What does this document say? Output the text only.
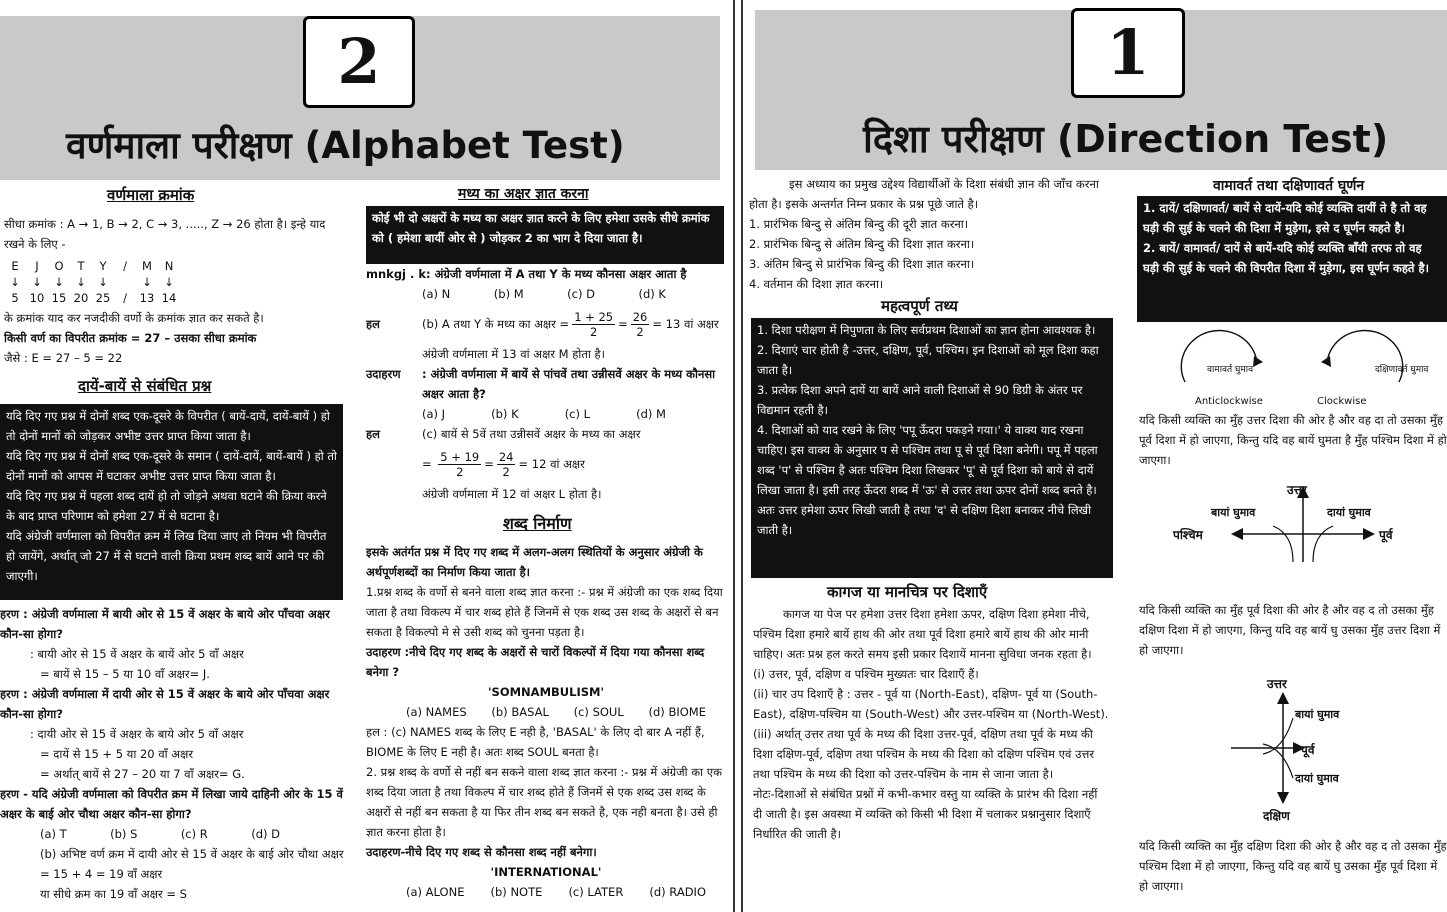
2
वर्णमाला परीक्षण (Alphabet Test)
वर्णमाला क्रमांक

सीधा क्रमांक : A → 1, B → 2, C → 3, ....., Z → 26 होता है। इन्हे याद रखने के लिए -

E	J	O	T	Y	/	M	N
↓	↓	↓	↓	↓	↓	↓
5 10 15 20 25	/	13 14

के क्रमांक याद कर नजदीकी वर्णो के क्रमांक ज्ञात कर सकते है।

किसी वर्ण का विपरीत क्रमांक = 27 – उसका सीधा क्रमांक

जैसे : E = 27 – 5 = 22

दायें-बायें से संबंधित प्रश्न

यदि दिए गए प्रश्न में दोनों शब्द एक-दूसरे के विपरीत ( बायें-दायें, दायें-बायें ) हो तो दोनों मानों को जोड़कर अभीष्ट उत्तर प्राप्त किया जाता है।

यदि दिए गए प्रश्न में दोनों शब्द एक-दूसरे के समान ( दायें-दायें, बायें-बायें ) हो तो दोनों मानों को आपस में घटाकर अभीष्ट उत्तर प्राप्त किया जाता है।

यदि दिए गए प्रश्न में पहला शब्द दायें हो तो जोड़ने अथवा घटाने की क्रिया करने के बाद प्राप्त परिणाम को हमेशा 27 में से घटाना है।

यदि अंग्रेजी वर्णमाला को विपरीत क्रम में लिख दिया जाए तो नियम भी विपरीत हो जायेंगे, अर्थात् जो 27 में से घटाने वाली क्रिया प्रथम शब्द बायें आने पर की जाएगी।

हरण : अंग्रेजी वर्णमाला में बायी ओर से 15 वें अक्षर के बाये ओर पाँचवा अक्षर कौन-सा होगा?

: बायी ओर से 15 वें अक्षर के बायें ओर 5 वाँ अक्षर

= बायें से 15 – 5 या 10 वाँ अक्षर= J.

हरण : अंग्रेजी वर्णमाला में दायी ओर से 15 वें अक्षर के बाये ओर पाँचवा अक्षर कौन-सा होगा?

: दायी ओर से 15 वें अक्षर के बाये ओर 5 वाँ अक्षर

= दायें से 15 + 5 या 20 वाँ अक्षर

= अर्थात् बायें से 27 – 20 या 7 वाँ अक्षर= G.

हरण - यदि अंग्रेजी वर्णमाला को विपरीत क्रम में लिखा जाये दाहिनी ओर के 15 वें अक्षर के बाई ओर चौथा अक्षर कौन-सा होगा?

(a) T	(b) S	(c) R	(d) D

(b) अभिष्ट वर्ण क्रम में दायी ओर से 15 वें अक्षर के बाई ओर चौथा अक्षर = 15 + 4 = 19 वाँ अक्षर

या सीधे क्रम का 19 वाँ अक्षर = S

मध्य का अक्षर ज्ञात करना
कोई भी दो अक्षरों के मध्य का अक्षर ज्ञात करने के लिए हमेशा उसके सीधे क्रमांक को ( हमेशा बायीं ओर से ) जोड़कर 2 का भाग दे दिया जाता है।

mnkgj . k: अंग्रेजी वर्णमाला में A तथा Y के मध्य कौनसा अक्षर आता है

(a) N	(b) M	(c) D	(d) K
हल	(b) A तथा Y के मध्य का अक्षर = $\frac{1 + 25}{2} = \frac{26}{2} = 13$ वां अक्षर

अंग्रेजी वर्णमाला में 13 वां अक्षर M होता है।

उदाहरण	: अंग्रेजी वर्णमाला में बायें से पांचवें तथा उन्नीसवें अक्षर के मध्य कौनसा अक्षर आता है?
(a) J	(b) K	(c) L	(d) M
हल	(c) बायें से 5वें तथा उन्नीसवें अक्षर के मध्य का अक्षर
= $\frac{5 + 19}{2} = \frac{24}{2} = 12$ वां अक्षर

अंग्रेजी वर्णमाला में 12 वां अक्षर L होता है।

शब्द निर्माण

इसके अतंर्गत प्रश्न में दिए गए शब्द में अलग-अलग स्थितियों के अनुसार अंग्रेजी के अर्थपूर्णशब्दों का निर्माण किया जाता है।

1.प्रश्न शब्द के वर्णो से बनने वाला शब्द ज्ञात करना :- प्रश्न में अंग्रेजी का एक शब्द दिया जाता है तथा विकल्प में चार शब्द होते हैं जिनमें से एक शब्द उस शब्द के अक्षरों से बन सकता है विकल्पो मे से उसी शब्द को चुनना पड़ता है।

उदाहरण :नीचे दिए गए शब्द के अक्षरों से चारों विकल्पों में दिया गया कौनसा शब्द बनेगा ?

'SOMNAMBULISM'

(a) NAMES (b) BASAL (c) SOUL (d) BIOME

हल : (c) NAMES शब्द के लिए E नही है, 'BASAL' के लिए दो बार A नहीं हैं, BIOME के लिए E नही है। अतः शब्द SOUL बनता है।

2. प्रश्न शब्द के वर्णो से नहीं बन सकने वाला शब्द ज्ञात करना :- प्रश्न में अंग्रेजी का एक शब्द दिया जाता है तथा विकल्प में चार शब्द होते हैं जिनमें से एक शब्द उस शब्द के अक्षरों से नहीं बन सकता है या फिर तीन शब्द बन सकते है, एक नही बनता है। उसे ही ज्ञात करना होता है।

उदाहरण-नीचे दिए गए शब्द से कौनसा शब्द नहीं बनेगा।

'INTERNATIONAL'

(a) ALONE (b) NOTE (c) LATER (d) RADIO
1
दिशा परीक्षण (Direction Test)

इस अध्याय का प्रमुख उद्देश्य विद्यार्थीओं के दिशा संबंधी ज्ञान की जाँच करना होता है। इसके अन्तर्गत निम्न प्रकार के प्रश्न पूछे जाते है।

1. प्रारंभिक बिन्दु से अंतिम बिन्दु की दूरी ज्ञात करना।

2. प्रारंभिक बिन्दु से अंतिम बिन्दु की दिशा ज्ञात करना।

3. अंतिम बिन्दु से प्रारंभिक बिन्दु की दिशा ज्ञात करना।

4. वर्तमान की दिशा ज्ञात करना।

महत्वपूर्ण तथ्य

1. दिशा परीक्षण में निपुणता के लिए सर्वप्रथम दिशाओं का ज्ञान होना आवश्यक है।

2. दिशाएं चार होती है -उत्तर, दक्षिण, पूर्व, पश्चिम। इन दिशाओं को मूल दिशा कहा जाता है।

3. प्रत्येक दिशा अपने दायें या बायें आने वाली दिशाओं से 90 डिग्री के अंतर पर विद्यमान रहती है।

4. दिशाओं को याद रखने के लिए 'पपू ऊँदरा पकड़ने गया।' ये वाक्य याद रखना चाहिए। इस वाक्य के अनुसार प से पश्चिम तथा पू से पूर्व दिशा बनेगी। पपू में पहला शब्द 'प' से पश्चिम है अतः पश्चिम दिशा लिखकर 'पू' से पूर्व दिशा को बाये से दायें लिखा जाता है। इसी तरह ऊँदरा शब्द में 'ऊ' से उत्तर तथा ऊपर दोनों शब्द बनते है। अतः उत्तर हमेशा ऊपर लिखी जाती है तथा 'द' से दक्षिण दिशा बनाकर नीचे लिखी जाती है।

कागज या मानचित्र पर दिशाएँ

कागज या पेज पर हमेशा उत्तर दिशा हमेशा ऊपर, दक्षिण दिशा हमेशा नीचे, पश्चिम दिशा हमारे बायें हाथ की ओर तथा पूर्व दिशा हमारे बायें हाथ की ओर मानी चाहिए। अतः प्रश्न हल करते समय इसी प्रकार दिशायें मानना सुविधा जनक रहता है।

(i) उत्तर, पूर्व, दक्षिण व पश्चिम मुख्यतः चार दिशाएँ हैं।

(ii) चार उप दिशाएँ है : उत्तर - पूर्व या (North-East), दक्षिण- पूर्व या (South-East), दक्षिण-पश्चिम या (South-West) और उत्तर-पश्चिम या (North-West).

(iii) अर्थात् उत्तर तथा पूर्व के मध्य की दिशा उत्तर-पूर्व, दक्षिण तथा पूर्व के मध्य की दिशा दक्षिण-पूर्व, दक्षिण तथा पश्चिम के मध्य की दिशा को दक्षिण पश्चिम एवं उत्तर तथा पश्चिम के मध्य की दिशा को उत्तर-पश्चिम के नाम से जाना जाता है।

नोटः-दिशाओं से संबंधित प्रश्नों में कभी-कभार वस्तु या व्यक्ति के प्रारंभ की दिशा नहीं दी जाती है। इस अवस्था में व्यक्ति को किसी भी दिशा में चलाकर प्रश्नानुसार दिशाएँ निर्धारित की जाती है।

वामावर्त तथा दक्षिणावर्त घूर्णन

1. दायें/ दक्षिणावर्त/ बायें से दायें-यदि कोई व्यक्ति दायीं ते है तो वह घड़ी की सुई के चलने की दिशा में मुड़ेगा, इसे द घूर्णन कहते है।

2. बायें/ वामावर्त/ दायें से बायें-यदि कोई व्यक्ति बाँयी तरफ तो वह घड़ी की सुई के चलने की विपरीत दिशा में मुड़ेगा, इस घूर्णन कहते है।

वामावर्त घुमाव	दक्षिणावर्त घुमाव
Anticlockwise	Clockwise
यदि किसी व्यक्ति का मुँह उत्तर दिशा की ओर है और वह दा तो उसका मुँह पूर्व दिशा में हो जाएगा, किन्तु यदि वह बायें घुमता है मुँह पश्चिम दिशा में हो जाएगा।
उत्तर
बायां घुमाव	दायां घुमाव
पश्चिम	पूर्व
यदि किसी व्यक्ति का मुँह पूर्व दिशा की ओर है और वह द तो उसका मुँह दक्षिण दिशा में हो जाएगा, किन्तु यदि वह बायें घु उसका मुँह उत्तर दिशा में हो जाएगा।
उत्तर
बायां घुमाव
पूर्व
दायां घुमाव
दक्षिण
यदि किसी व्यक्ति का मुँह दक्षिण दिशा की ओर है और वह द तो उसका मुँह पश्चिम दिशा में हो जाएगा, किन्तु यदि वह बायें घु उसका मुँह पूर्व दिशा में हो जाएगा।
